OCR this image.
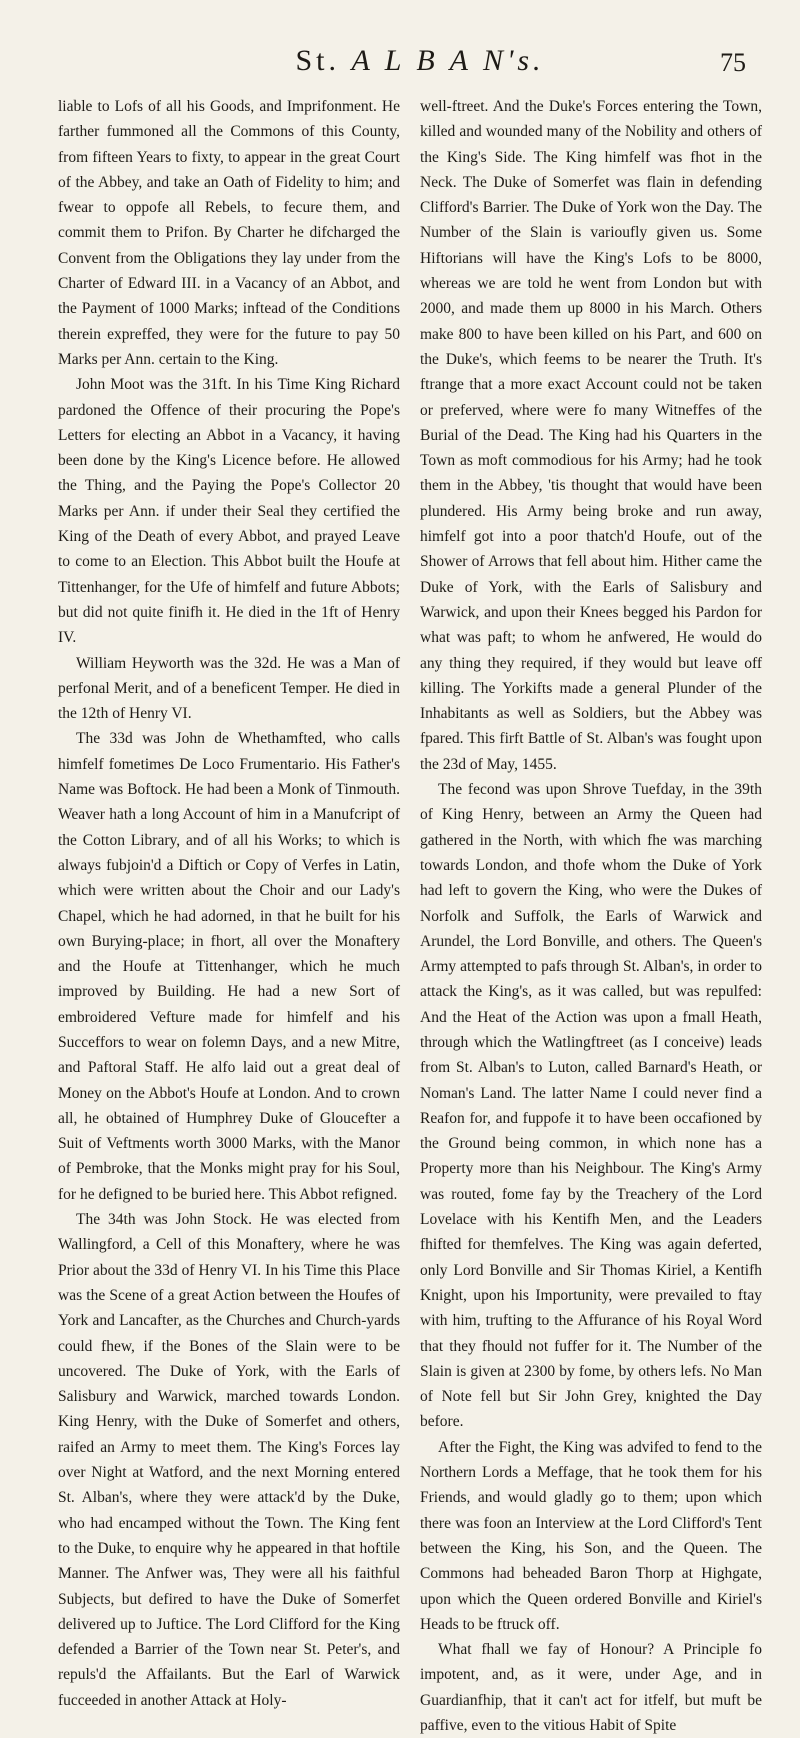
St. A L B A N's.	75

liable to Lofs of all his Goods, and Imprifonment. He farther fummoned all the Commons of this County, from fifteen Years to fixty, to appear in the great Court of the Abbey, and take an Oath of Fidelity to him; and fwear to oppofe all Rebels, to fecure them, and commit them to Prifon. By Charter he difcharged the Convent from the Obligations they lay under from the Charter of Edward III. in a Vacancy of an Abbot, and the Payment of 1000 Marks; inftead of the Conditions therein expreffed, they were for the future to pay 50 Marks per Ann. certain to the King.

John Moot was the 31ft. In his Time King Richard pardoned the Offence of their procuring the Pope's Letters for electing an Abbot in a Vacancy, it having been done by the King's Licence before. He allowed the Thing, and the Paying the Pope's Collector 20 Marks per Ann. if under their Seal they certified the King of the Death of every Abbot, and prayed Leave to come to an Election. This Abbot built the Houfe at Tittenhanger, for the Ufe of himfelf and future Abbots; but did not quite finifh it. He died in the 1ft of Henry IV.

William Heyworth was the 32d. He was a Man of perfonal Merit, and of a beneficent Temper. He died in the 12th of Henry VI.

The 33d was John de Whethamfted, who calls himfelf fometimes De Loco Frumentario. His Father's Name was Boftock. He had been a Monk of Tinmouth. Weaver hath a long Account of him in a Manufcript of the Cotton Library, and of all his Works; to which is always fubjoin'd a Diftich or Copy of Verfes in Latin, which were written about the Choir and our Lady's Chapel, which he had adorned, in that he built for his own Burying-place; in fhort, all over the Monaftery and the Houfe at Tittenhanger, which he much improved by Building. He had a new Sort of embroidered Vefture made for himfelf and his Succeffors to wear on folemn Days, and a new Mitre, and Paftoral Staff. He alfo laid out a great deal of Money on the Abbot's Houfe at London. And to crown all, he obtained of Humphrey Duke of Gloucefter a Suit of Veftments worth 3000 Marks, with the Manor of Pembroke, that the Monks might pray for his Soul, for he defigned to be buried here. This Abbot refigned.

The 34th was John Stock. He was elected from Wallingford, a Cell of this Monaftery, where he was Prior about the 33d of Henry VI. In his Time this Place was the Scene of a great Action between the Houfes of York and Lancafter, as the Churches and Church-yards could fhew, if the Bones of the Slain were to be uncovered. The Duke of York, with the Earls of Salisbury and Warwick, marched towards London. King Henry, with the Duke of Somerfet and others, raifed an Army to meet them. The King's Forces lay over Night at Watford, and the next Morning entered St. Alban's, where they were attack'd by the Duke, who had encamped without the Town. The King fent to the Duke, to enquire why he appeared in that hoftile Manner. The Anfwer was, They were all his faithful Subjects, but defired to have the Duke of Somerfet delivered up to Juftice. The Lord Clifford for the King defended a Barrier of the Town near St. Peter's, and repuls'd the Affailants. But the Earl of Warwick fucceeded in another Attack at Holy-

well-ftreet. And the Duke's Forces entering the Town, killed and wounded many of the Nobility and others of the King's Side. The King himfelf was fhot in the Neck. The Duke of Somerfet was flain in defending Clifford's Barrier. The Duke of York won the Day. The Number of the Slain is varioufly given us. Some Hiftorians will have the King's Lofs to be 8000, whereas we are told he went from London but with 2000, and made them up 8000 in his March. Others make 800 to have been killed on his Part, and 600 on the Duke's, which feems to be nearer the Truth. It's ftrange that a more exact Account could not be taken or preferved, where were fo many Witneffes of the Burial of the Dead. The King had his Quarters in the Town as moft commodious for his Army; had he took them in the Abbey, 'tis thought that would have been plundered. His Army being broke and run away, himfelf got into a poor thatch'd Houfe, out of the Shower of Arrows that fell about him. Hither came the Duke of York, with the Earls of Salisbury and Warwick, and upon their Knees begged his Pardon for what was paft; to whom he anfwered, He would do any thing they required, if they would but leave off killing. The Yorkifts made a general Plunder of the Inhabitants as well as Soldiers, but the Abbey was fpared. This firft Battle of St. Alban's was fought upon the 23d of May, 1455.

The fecond was upon Shrove Tuefday, in the 39th of King Henry, between an Army the Queen had gathered in the North, with which fhe was marching towards London, and thofe whom the Duke of York had left to govern the King, who were the Dukes of Norfolk and Suffolk, the Earls of Warwick and Arundel, the Lord Bonville, and others. The Queen's Army attempted to pafs through St. Alban's, in order to attack the King's, as it was called, but was repulfed: And the Heat of the Action was upon a fmall Heath, through which the Watlingftreet (as I conceive) leads from St. Alban's to Luton, called Barnard's Heath, or Noman's Land. The latter Name I could never find a Reafon for, and fuppofe it to have been occafioned by the Ground being common, in which none has a Property more than his Neighbour. The King's Army was routed, fome fay by the Treachery of the Lord Lovelace with his Kentifh Men, and the Leaders fhifted for themfelves. The King was again deferted, only Lord Bonville and Sir Thomas Kiriel, a Kentifh Knight, upon his Importunity, were prevailed to ftay with him, trufting to the Affurance of his Royal Word that they fhould not fuffer for it. The Number of the Slain is given at 2300 by fome, by others lefs. No Man of Note fell but Sir John Grey, knighted the Day before.

After the Fight, the King was advifed to fend to the Northern Lords a Meffage, that he took them for his Friends, and would gladly go to them; upon which there was foon an Interview at the Lord Clifford's Tent between the King, his Son, and the Queen. The Commons had beheaded Baron Thorp at Highgate, upon which the Queen ordered Bonville and Kiriel's Heads to be ftruck off.

What fhall we fay of Honour? A Principle fo impotent, and, as it were, under Age, and in Guardianfhip, that it can't act for itfelf, but muft be paffive, even to the vitious Habit of Spite
